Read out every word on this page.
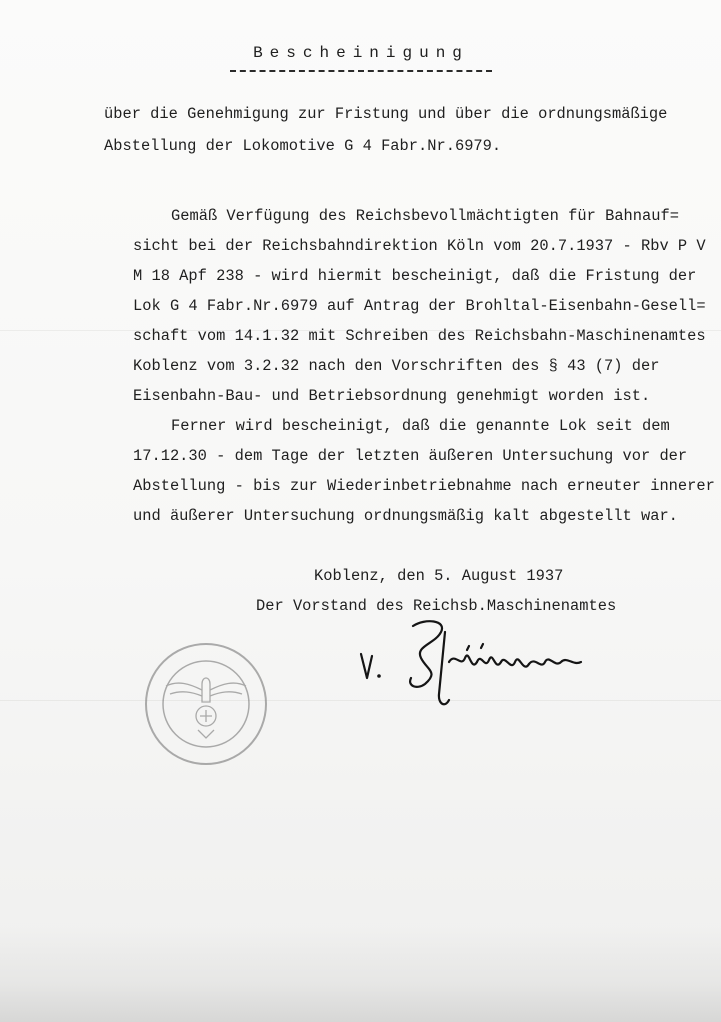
Bescheinigung
über die Genehmigung zur Fristung und über die ordnungsmäßige
Abstellung der Lokomotive G 4 Fabr.Nr.6979.
Gemäß Verfügung des Reichsbevollmächtigten für Bahnauf=
sicht bei der Reichsbahndirektion Köln vom 20.7.1937 - Rbv P V
M 18 Apf 238 - wird hiermit bescheinigt, daß die Fristung der
Lok G 4 Fabr.Nr.6979 auf Antrag der Brohltal-Eisenbahn-Gesell=
schaft vom 14.1.32 mit Schreiben des Reichsbahn-Maschinenamtes
Koblenz vom 3.2.32 nach den Vorschriften des § 43 (7) der
Eisenbahn-Bau- und Betriebsordnung genehmigt worden ist.
Ferner wird bescheinigt, daß die genannte Lok seit dem
17.12.30 - dem Tage der letzten äußeren Untersuchung vor der
Abstellung - bis zur Wiederinbetriebnahme nach erneuter innerer
und äußerer Untersuchung ordnungsmäßig kalt abgestellt war.
Koblenz, den 5. August 1937
Der Vorstand des Reichsb.Maschinenamtes
